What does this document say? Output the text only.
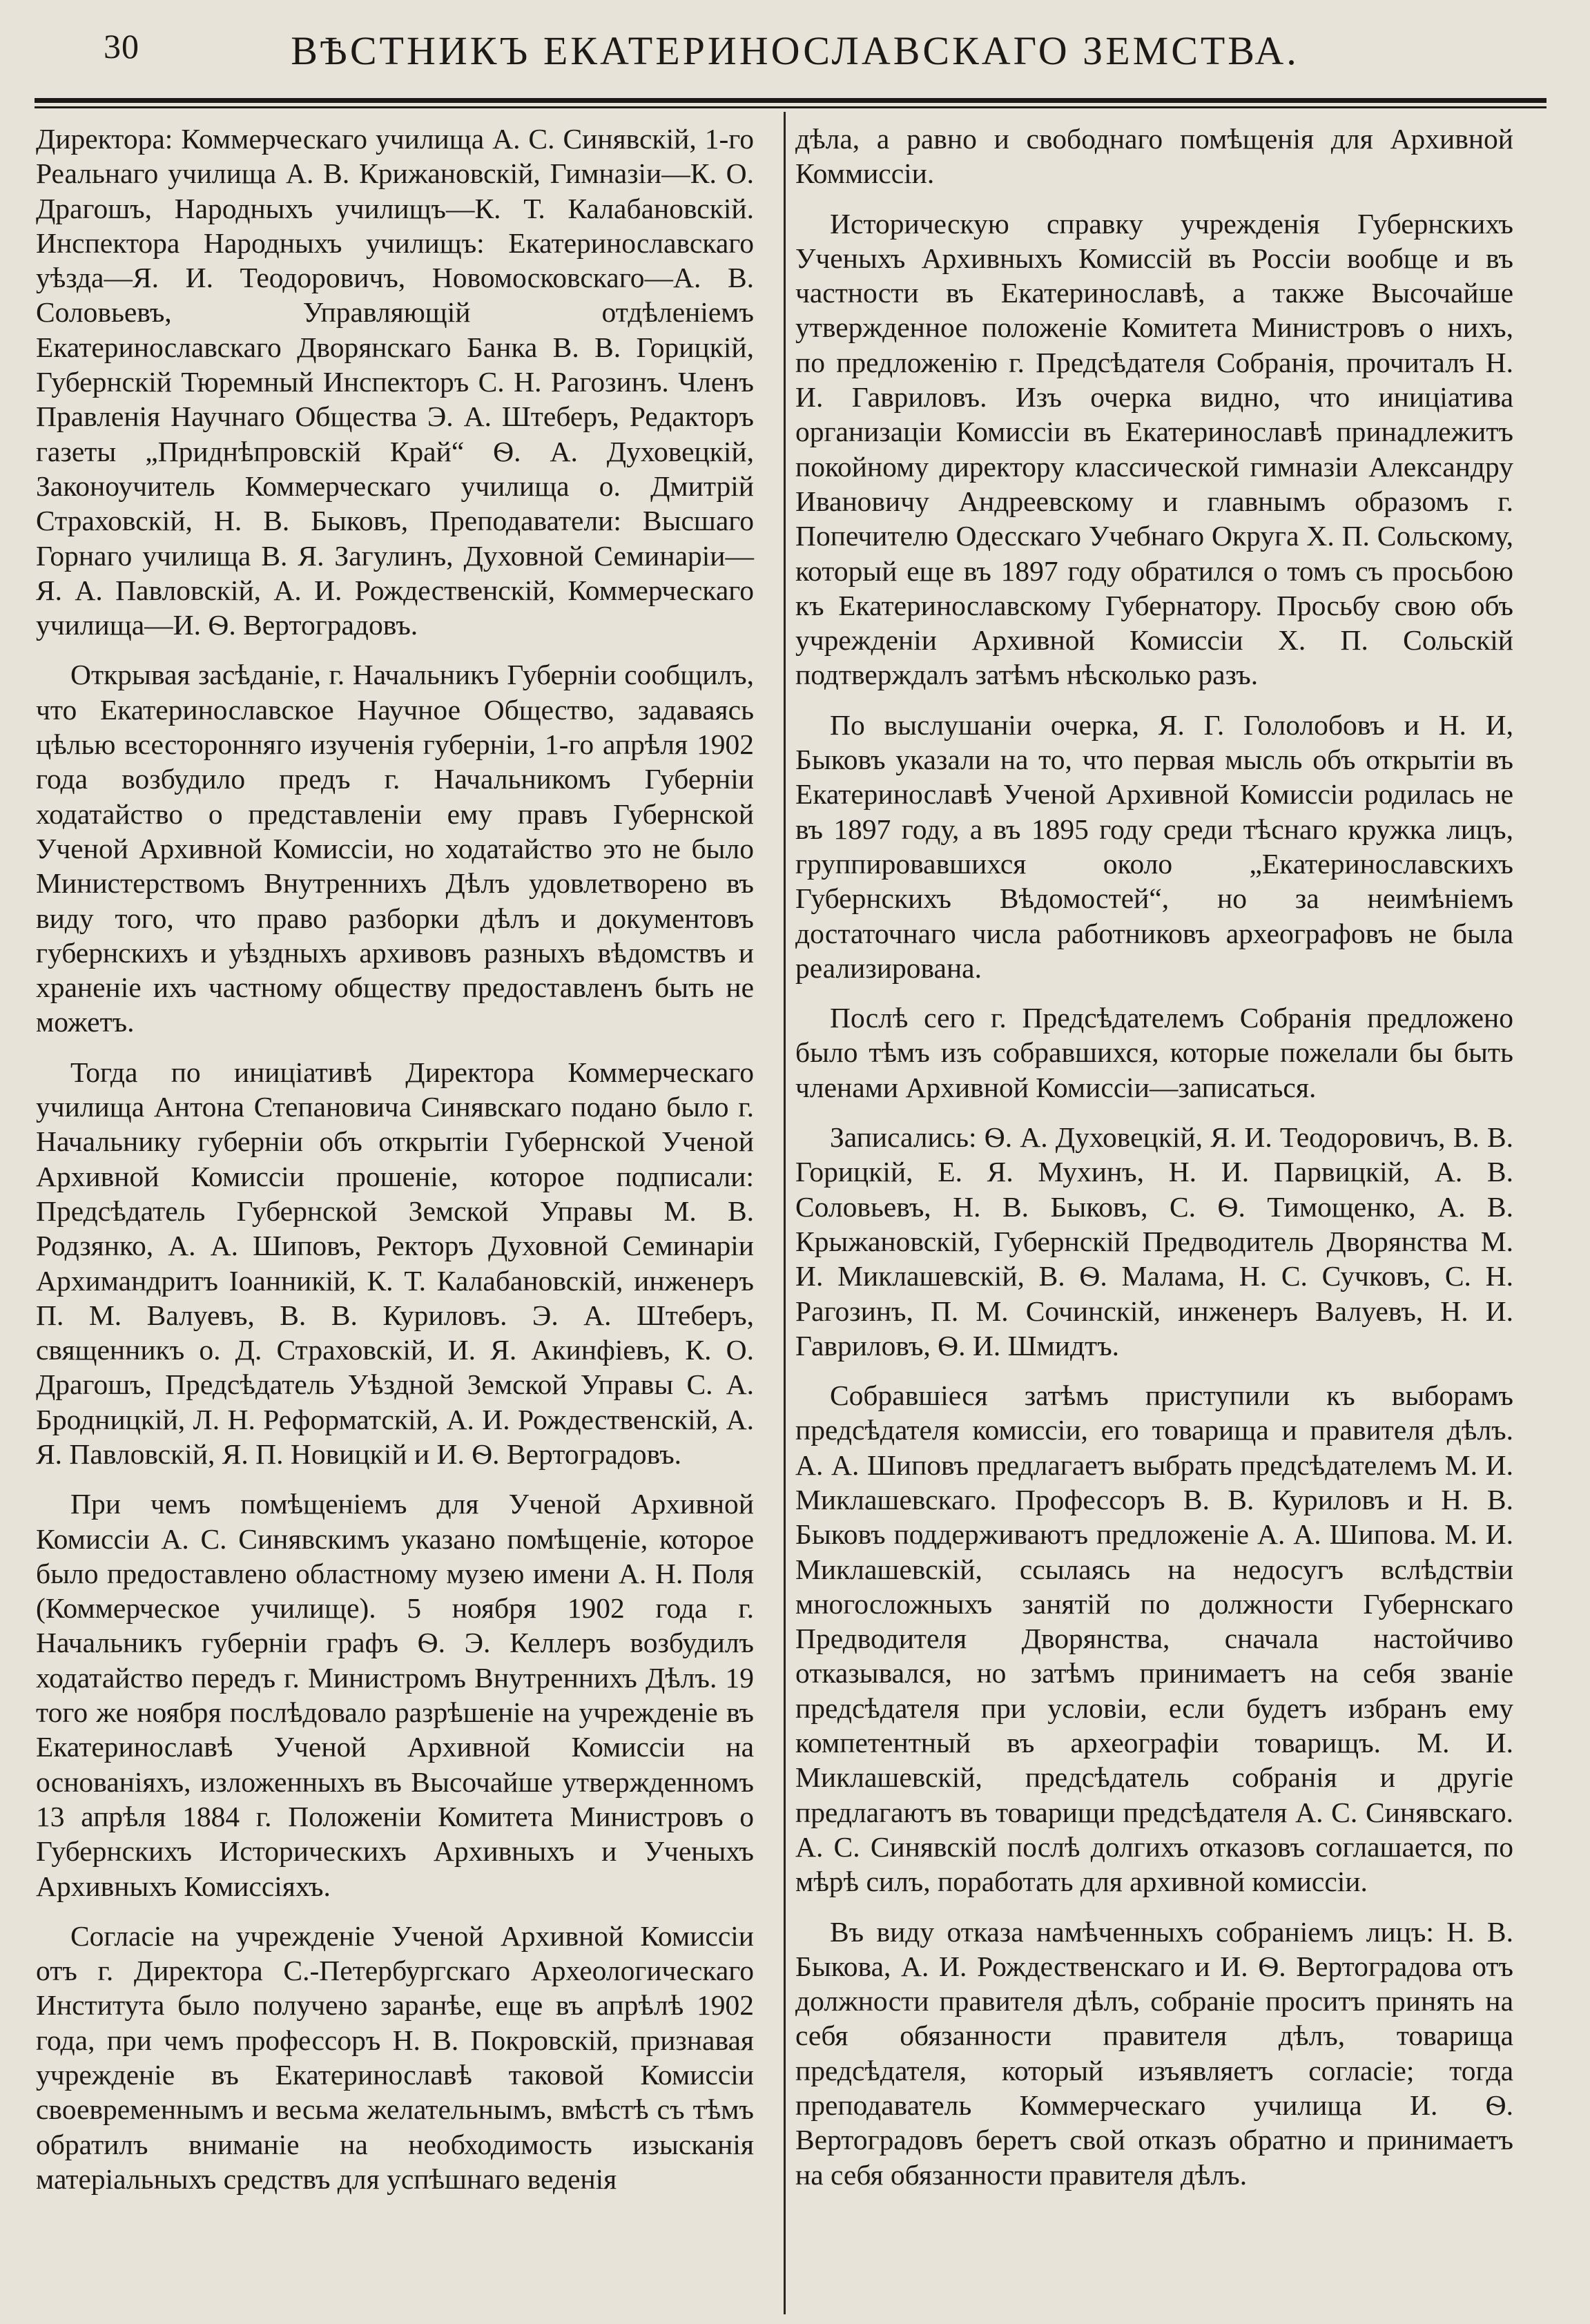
30	ВѢСТНИКЪ ЕКАТЕРИНОСЛАВСКАГО ЗЕМСТВА.

Директора: Коммерческаго училища А. С. Синявскій, 1-го Реальнаго училища А. В. Крижановскій, Гимназіи—К. О. Драгошъ, Народныхъ училищъ—К. Т. Калабановскій. Инспектора Народныхъ училищъ: Екатеринославскаго уѣзда—Я. И. Теодоровичъ, Новомосковскаго—А. В. Соловьевъ, Управляющій отдѣленіемъ Екатеринославскаго Дворянскаго Банка В. В. Горицкій, Губернскій Тюремный Инспекторъ С. Н. Рагозинъ. Членъ Правленія Научнаго Общества Э. А. Штеберъ, Редакторъ газеты „Приднѣпровскій Край“ Ѳ. А. Духовецкій, Законоучитель Коммерческаго училища о. Дмитрій Страховскій, Н. В. Быковъ, Преподаватели: Высшаго Горнаго училища В. Я. Загулинъ, Духовной Семинаріи—Я. А. Павловскій, А. И. Рождественскій, Коммерческаго училища—И. Ѳ. Вертоградовъ.

Открывая засѣданіе, г. Начальникъ Губерніи сообщилъ, что Екатеринославское Научное Общество, задаваясь цѣлью всесторонняго изученія губерніи, 1-го апрѣля 1902 года возбудило предъ г. Начальникомъ Губерніи ходатайство о представленіи ему правъ Губернской Ученой Архивной Комиссіи, но ходатайство это не было Министерствомъ Внутреннихъ Дѣлъ удовлетворено въ виду того, что право разборки дѣлъ и документовъ губернскихъ и уѣздныхъ архивовъ разныхъ вѣдомствъ и храненіе ихъ частному обществу предоставленъ быть не можетъ.

Тогда по иниціативѣ Директора Коммерческаго училища Антона Степановича Синявскаго подано было г. Начальнику губерніи объ открытіи Губернской Ученой Архивной Комиссіи прошеніе, которое подписали: Предсѣдатель Губернской Земской Управы М. В. Родзянко, А. А. Шиповъ, Ректоръ Духовной Семинаріи Архимандритъ Іоанникій, К. Т. Калабановскій, инженеръ П. М. Валуевъ, В. В. Куриловъ. Э. А. Штеберъ, священникъ о. Д. Страховскій, И. Я. Акинфіевъ, К. О. Драгошъ, Предсѣдатель Уѣздной Земской Управы С. А. Бродницкій, Л. Н. Реформатскій, А. И. Рождественскій, А. Я. Павловскій, Я. П. Новицкій и И. Ѳ. Вертоградовъ.

При чемъ помѣщеніемъ для Ученой Архивной Комиссіи А. С. Синявскимъ указано помѣщеніе, которое было предоставлено областному музею имени А. Н. Поля (Коммерческое училище). 5 ноября 1902 года г. Начальникъ губерніи графъ Ѳ. Э. Келлеръ возбудилъ ходатайство передъ г. Министромъ Внутреннихъ Дѣлъ. 19 того же ноября послѣдовало разрѣшеніе на учрежденіе въ Екатеринославѣ Ученой Архивной Комиссіи на основаніяхъ, изложенныхъ въ Высочайше утвержденномъ 13 апрѣля 1884 г. Положеніи Комитета Министровъ о Губернскихъ Историческихъ Архивныхъ и Ученыхъ Архивныхъ Комиссіяхъ.

Согласіе на учрежденіе Ученой Архивной Комиссіи отъ г. Директора С.-Петербургскаго Археологическаго Института было получено заранѣе, еще въ апрѣлѣ 1902 года, при чемъ профессоръ Н. В. Покровскій, признавая учрежденіе въ Екатеринославѣ таковой Комиссіи своевременнымъ и весьма желательнымъ, вмѣстѣ съ тѣмъ обратилъ вниманіе на необходимость изысканія матеріальныхъ средствъ для успѣшнаго веденія

дѣла, а равно и свободнаго помѣщенія для Архивной Коммиссіи.

Историческую справку учрежденія Губернскихъ Ученыхъ Архивныхъ Комиссій въ Россіи вообще и въ частности въ Екатеринославѣ, а также Высочайше утвержденное положеніе Комитета Министровъ о нихъ, по предложенію г. Предсѣдателя Собранія, прочиталъ Н. И. Гавриловъ. Изъ очерка видно, что иниціатива организаціи Комиссіи въ Екатеринославѣ принадлежитъ покойному директору классической гимназіи Александру Ивановичу Андреевскому и главнымъ образомъ г. Попечителю Одесскаго Учебнаго Округа Х. П. Сольскому, который еще въ 1897 году обратился о томъ съ просьбою къ Екатеринославскому Губернатору. Просьбу свою объ учрежденіи Архивной Комиссіи Х. П. Сольскій подтверждалъ затѣмъ нѣсколько разъ.

По выслушаніи очерка, Я. Г. Гололобовъ и Н. И, Быковъ указали на то, что первая мысль объ открытіи въ Екатеринославѣ Ученой Архивной Комиссіи родилась не въ 1897 году, а въ 1895 году среди тѣснаго кружка лицъ, группировавшихся около „Екатеринославскихъ Губернскихъ Вѣдомостей“, но за неимѣніемъ достаточнаго числа работниковъ археографовъ не была реализирована.

Послѣ сего г. Предсѣдателемъ Собранія предложено было тѣмъ изъ собравшихся, которые пожелали бы быть членами Архивной Комиссіи—записаться.

Записались: Ѳ. А. Духовецкій, Я. И. Теодоровичъ, В. В. Горицкій, Е. Я. Мухинъ, Н. И. Парвицкій, А. В. Соловьевъ, Н. В. Быковъ, С. Ѳ. Тимощенко, А. В. Крыжановскій, Губернскій Предводитель Дворянства М. И. Миклашевскій, В. Ѳ. Малама, Н. С. Сучковъ, С. Н. Рагозинъ, П. М. Сочинскій, инженеръ Валуевъ, Н. И. Гавриловъ, Ѳ. И. Шмидтъ.

Собравшіеся затѣмъ приступили къ выборамъ предсѣдателя комиссіи, его товарища и правителя дѣлъ. А. А. Шиповъ предлагаетъ выбрать предсѣдателемъ М. И. Миклашевскаго. Профессоръ В. В. Куриловъ и Н. В. Быковъ поддерживаютъ предложеніе А. А. Шипова. М. И. Миклашевскій, ссылаясь на недосугъ вслѣдствіи многосложныхъ занятій по должности Губернскаго Предводителя Дворянства, сначала настойчиво отказывался, но затѣмъ принимаетъ на себя званіе предсѣдателя при условіи, если будетъ избранъ ему компетентный въ археографіи товарищъ. М. И. Миклашевскій, предсѣдатель собранія и другіе предлагаютъ въ товарищи предсѣдателя А. С. Синявскаго. А. С. Синявскій послѣ долгихъ отказовъ соглашается, по мѣрѣ силъ, поработать для архивной комиссіи.

Въ виду отказа намѣченныхъ собраніемъ лицъ: Н. В. Быкова, А. И. Рождественскаго и И. Ѳ. Вертоградова отъ должности правителя дѣлъ, собраніе проситъ принять на себя обязанности правителя дѣлъ, товарища предсѣдателя, который изъявляетъ согласіе; тогда преподаватель Коммерческаго училища И. Ѳ. Вертоградовъ беретъ свой отказъ обратно и принимаетъ на себя обязанности правителя дѣлъ.
